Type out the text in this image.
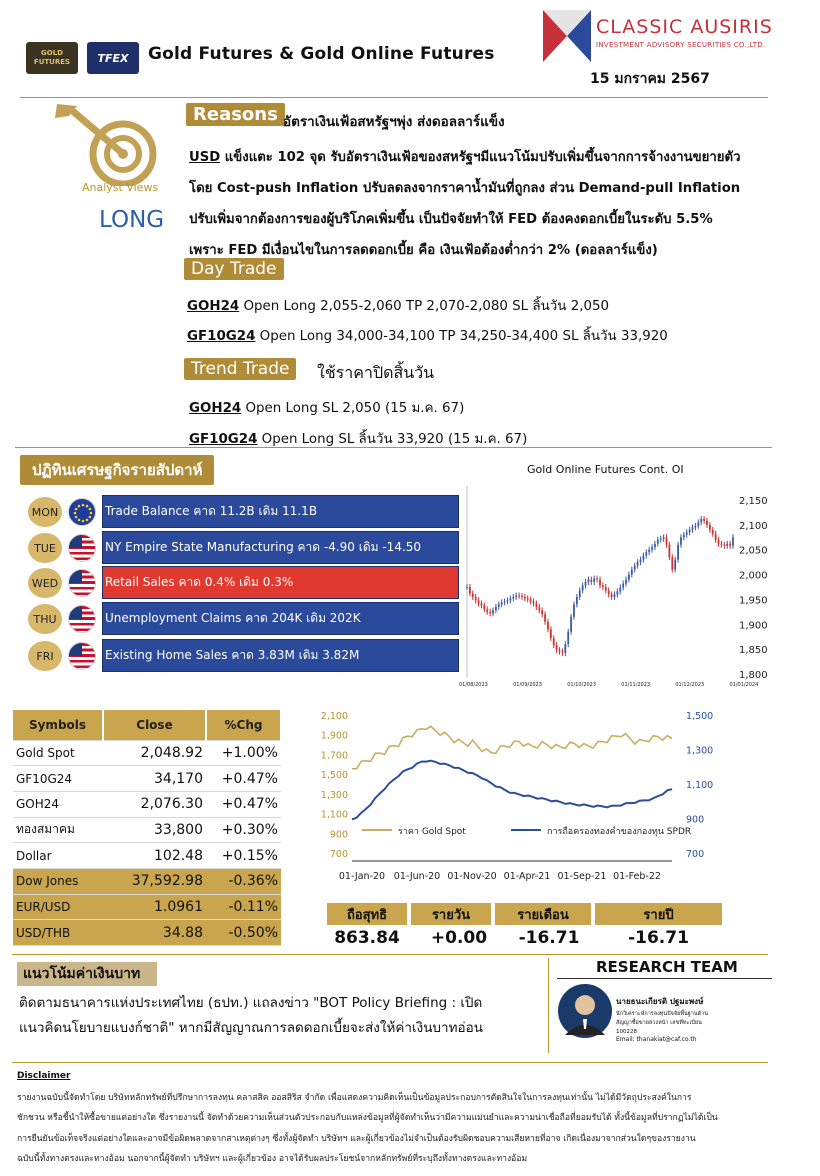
GOLD FUTURES	TFEX	Gold Futures & Gold Online Futures
CLASSIC AUSIRIS
INVESTMENT ADVISORY SECURITIES CO.,LTD.
15 มกราคม 2567
Analyst Views
LONG
Reasons อัตราเงินเฟ้อสหรัฐฯพุ่ง ส่งดอลลาร์แข็ง
USD แข็งแตะ 102 จุด รับอัตราเงินเฟ้อของสหรัฐฯมีแนวโน้มปรับเพิ่มขึ้นจากการจ้างงานขยายตัว
โดย Cost-push Inflation ปรับลดลงจากราคาน้ำมันที่ถูกลง ส่วน Demand-pull Inflation
ปรับเพิ่มจากต้องการของผู้บริโภคเพิ่มขึ้น เป็นปัจจัยทำให้ FED ต้องคงดอกเบี้ยในระดับ 5.5%
เพราะ FED มีเงื่อนไขในการลดดอกเบี้ย คือ เงินเฟ้อต้องต่ำกว่า 2% (ดอลลาร์แข็ง)
Day Trade
GOH24 Open Long 2,055-2,060 TP 2,070-2,080 SL ลิ้นวัน 2,050
GF10G24 Open Long 34,000-34,100 TP 34,250-34,400 SL ลิ้นวัน 33,920
Trend Trade	ใช้ราคาปิดสิ้นวัน
GOH24 Open Long SL 2,050 (15 ม.ค. 67)
GF10G24 Open Long SL ลิ้นวัน 33,920 (15 ม.ค. 67)
ปฏิทินเศรษฐกิจรายสัปดาห์
MON	Trade Balance คาด 11.2B เดิม 11.1B
TUE	NY Empire State Manufacturing คาด -4.90 เดิม -14.50
WED	Retail Sales คาด 0.4% เดิม 0.3%
THU	Unemployment Claims คาด 204K เดิม 202K
FRI	Existing Home Sales คาด 3.83M เดิม 3.82M
Gold Online Futures Cont. OI
2,150
2,100
2,050
2,000
1,950
1,900
1,850
1,800
01/08/2023	01/09/2023	01/10/2023	01/11/2023	01/12/2023	01/01/2024
Symbols	Close	%Chg
Gold Spot	2,048.92	+1.00%
GF10G24	34,170	+0.47%
GOH24	2,076.30	+0.47%
ทองสมาคม	33,800	+0.30%
Dollar	102.48	+0.15%
Dow Jones	37,592.98	-0.36%
EUR/USD	1.0961	-0.11%
USD/THB	34.88	-0.50%
2,100
1,900
1,700
1,500
1,300
1,100
900
700
1,500
1,300
1,100
900
700
01-Jan-20 01-Jun-20 01-Nov-20 01-Apr-21 01-Sep-21 01-Feb-22
ราคา Gold Spot	การถือครองทองคำของกองทุน SPDR
ถือสุทธิ	รายวัน	รายเดือน	รายปี
863.84	+0.00	-16.71	-16.71
แนวโน้มค่าเงินบาท
ติดตามธนาคารแห่งประเทศไทย (ธปท.) แถลงข่าว "BOT Policy Briefing : เปิด
แนวคิดนโยบายแบงก์ชาติ" หากมีสัญญาณการลดดอกเบี้ยจะส่งให้ค่าเงินบาทอ่อน
RESEARCH TEAM
นายธนะเกียรติ ปฐมะพงษ์
นักวิเคราะห์การลงทุนปัจจัยพื้นฐานด้านสัญญาซื้อขายล่วงหน้า เลขที่ทะเบียน 100228
Email: thanakiat@caf.co.th
Disclaimer
รายงานฉบับนี้จัดทำโดย บริษัทหลักทรัพย์ที่ปรึกษาการลงทุน คลาสสิค ออสสิริส จำกัด เพื่อแสดงความคิดเห็นเป็นข้อมูลประกอบการตัดสินใจในการลงทุนเท่านั้น ไม่ได้มีวัตถุประสงค์ในการ
ชักชวน หรือชี้นำให้ซื้อขายแต่อย่างใด ซึ่งรายงานนี้ จัดทำด้วยความเห็นส่วนตัวประกอบกับแหล่งข้อมูลที่ผู้จัดทำเห็นว่ามีความแม่นยำและความน่าเชื่อถือที่ยอมรับได้ ทั้งนี้ข้อมูลที่ปรากฏไม่ได้เป็น
การยืนยันข้อเท็จจริงแต่อย่างใดและอาจมีข้อผิดพลาดจากสาเหตุต่างๆ ซึ่งทั้งผู้จัดทำ บริษัทฯ และผู้เกี่ยวข้องไม่จำเป็นต้องรับผิดชอบความเสียหายที่อาจ เกิดเนื่องมาจากส่วนใดๆของรายงาน
ฉบับนี้ทั้งทางตรงและทางอ้อม นอกจากนี้ผู้จัดทำ บริษัทฯ และผู้เกี่ยวข้อง อาจได้รับผลประโยชน์จากหลักทรัพย์ที่ระบุถึงทั้งทางตรงและทางอ้อม
